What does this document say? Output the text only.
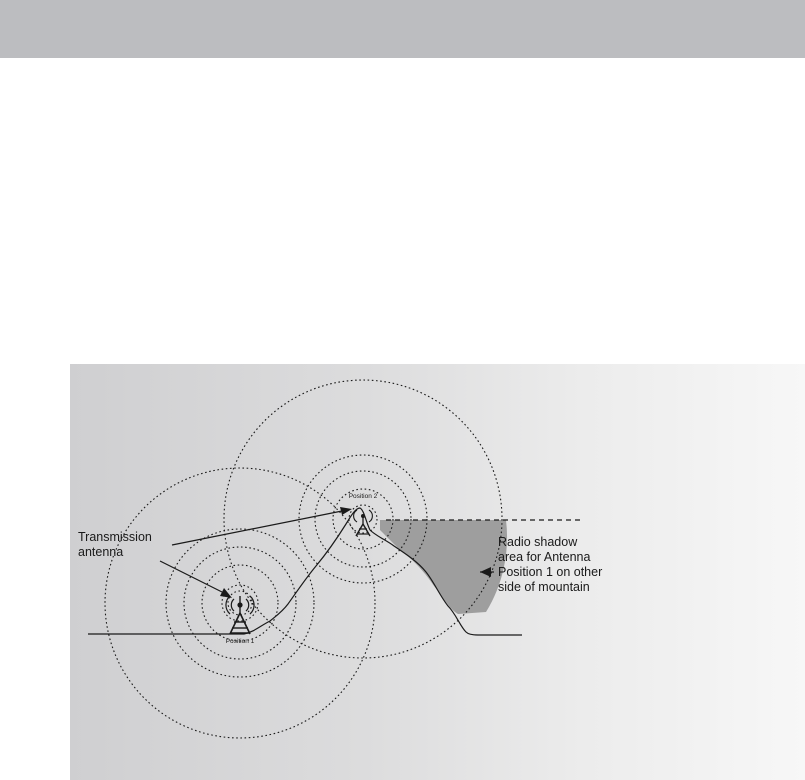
Transmission
antenna
Radio shadow
area for Antenna
Position 1 on other
side of mountain
Position 1
Position 2
